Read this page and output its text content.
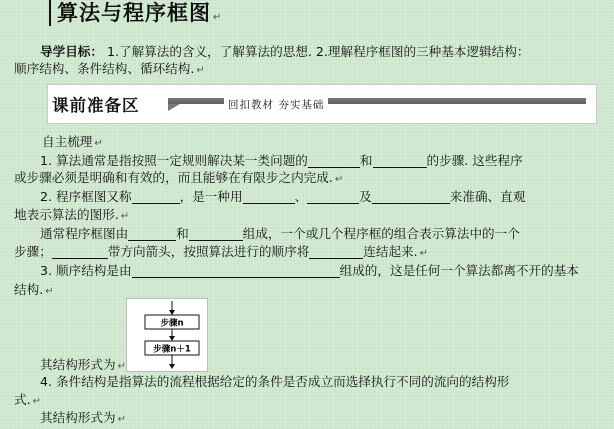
算法与程序框图 ↵
导学目标： 1.了解算法的含义，了解算法的思想. 2.理解程序框图的三种基本逻辑结构：
顺序结构、条件结构、循环结构. ↵
课前准备区	回扣教材 夯实基础
自主梳理 ↵
1. 算法通常是指按照一定规则解决某一类问题的	和	的步骤. 这些程序
或步骤必须是明确和有效的，而且能够在有限步之内完成. ↵
2. 程序框图又称	，是一种用	、	及	来准确、直观
地表示算法的图形. ↵
通常程序框图由	和	组成，一个或几个程序框的组合表示算法中的一个
步骤；	带方向箭头，按照算法进行的顺序将	连结起来. ↵
3. 顺序结构是由	组成的，这是任何一个算法都离不开的基本
结构. ↵
步骤n
步骤n＋1
其结构形式为 ↵
4. 条件结构是指算法的流程根据给定的条件是否成立而选择执行不同的流向的结构形
式. ↵
其结构形式为 ↵
